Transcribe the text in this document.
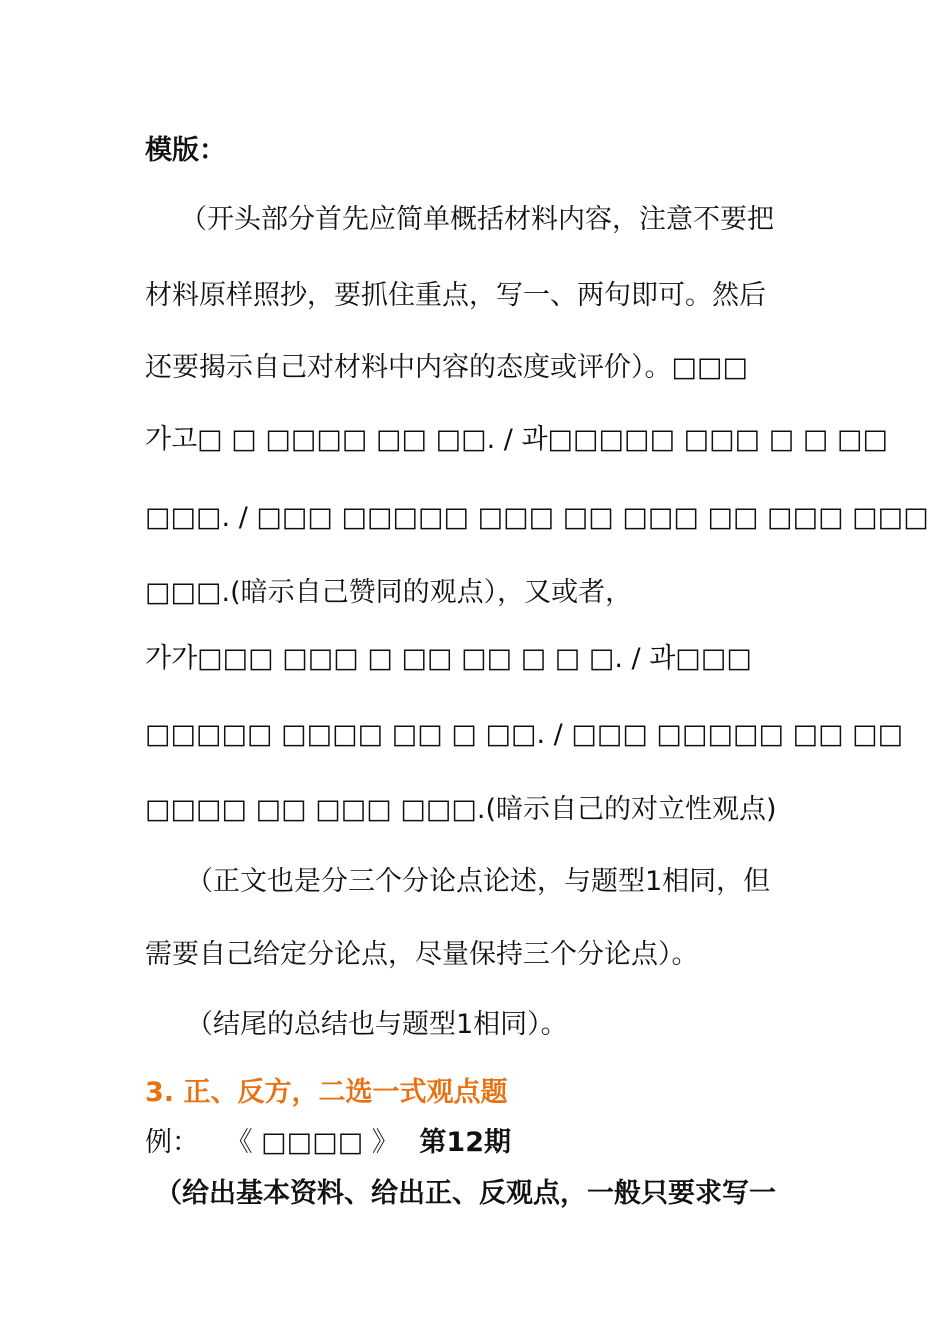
模版：
（开头部分首先应简单概括材料内容，注意不要把
材料原样照抄，要抓住重点，写一、两句即可。然后
还要揭示自己对材料中内容的态度或评价）。□□□
가고□ □ □□□□ □□ □□. / 과□□□□□ □□□ □ □ □□
□□□. / □□□ □□□□□ □□□ □□ □□□ □□ □□□ □□□
□□□.(暗示自己赞同的观点），又或者，
가가□□□ □□□ □ □□ □□ □ □ □. / 과□□□
□□□□□ □□□□ □□ □ □□. / □□□ □□□□□ □□ □□
□□□□ □□ □□□ □□□.(暗示自己的对立性观点)
（正文也是分三个分论点论述，与题型1相同，但
需要自己给定分论点，尽量保持三个分论点）。
（结尾的总结也与题型1相同）。
3. 正、反方，二选一式观点题
例： 《 □□□□ 》 第12期
（给出基本资料、给出正、反观点，一般只要求写一
